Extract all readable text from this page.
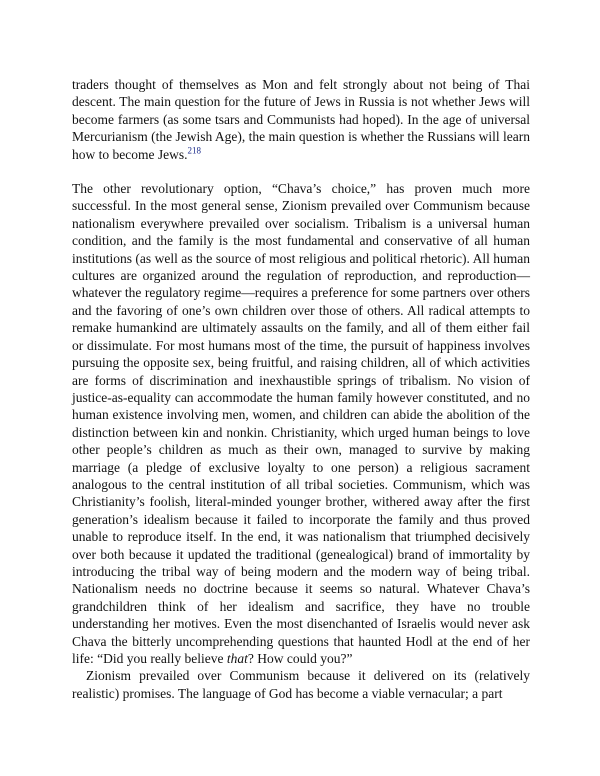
traders thought of themselves as Mon and felt strongly about not being of Thai descent. The main question for the future of Jews in Russia is not whether Jews will become farmers (as some tsars and Communists had hoped). In the age of universal Mercurianism (the Jewish Age), the main question is whether the Russians will learn how to become Jews.$^{218}$

The other revolutionary option, “Chava’s choice,” has proven much more successful. In the most general sense, Zionism prevailed over Communism because nationalism everywhere prevailed over socialism. Tribalism is a universal human condition, and the family is the most fundamental and conservative of all human institutions (as well as the source of most religious and political rhetoric). All human cultures are organized around the regulation of reproduction, and reproduction—whatever the regulatory regime—requires a preference for some partners over others and the favoring of one’s own children over those of others. All radical attempts to remake humankind are ultimately assaults on the family, and all of them either fail or dissimulate. For most humans most of the time, the pursuit of happiness involves pursuing the opposite sex, being fruitful, and raising children, all of which activities are forms of discrimination and inexhaustible springs of tribalism. No vision of justice-as-equality can accommodate the human family however constituted, and no human existence involving men, women, and children can abide the abolition of the distinction between kin and nonkin. Christianity, which urged human beings to love other people’s children as much as their own, managed to survive by making marriage (a pledge of exclusive loyalty to one person) a religious sacrament analogous to the central institution of all tribal societies. Communism, which was Christianity’s foolish, literal-minded younger brother, withered away after the first generation’s idealism because it failed to incorporate the family and thus proved unable to reproduce itself. In the end, it was nationalism that triumphed decisively over both because it updated the traditional (genealogical) brand of immortality by introducing the tribal way of being modern and the modern way of being tribal. Nationalism needs no doctrine because it seems so natural. Whatever Chava’s grandchildren think of her idealism and sacrifice, they have no trouble understanding her motives. Even the most disenchanted of Israelis would never ask Chava the bitterly uncomprehending questions that haunted Hodl at the end of her life: “Did you really believe that? How could you?”

Zionism prevailed over Communism because it delivered on its (relatively realistic) promises. The language of God has become a viable vernacular; a part
